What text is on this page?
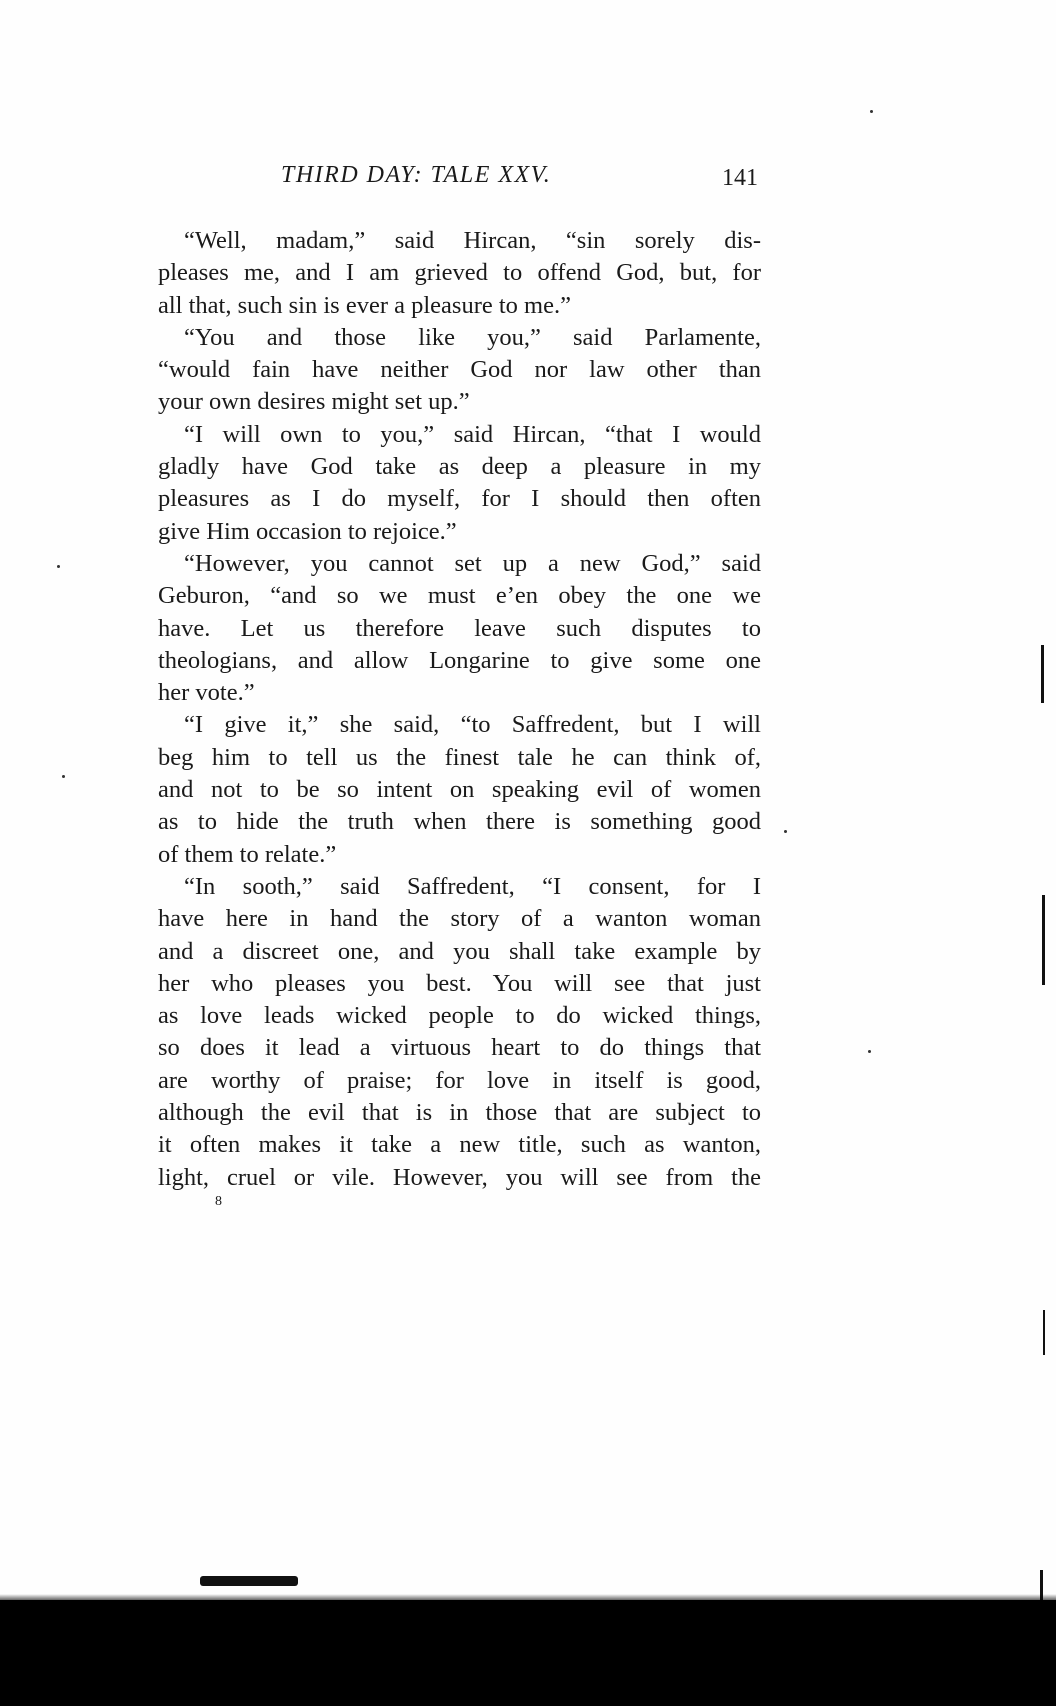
THIRD DAY: TALE XXV.	141
“Well, madam,” said Hircan, “sin sorely dis-
pleases me, and I am grieved to offend God, but, for
all that, such sin is ever a pleasure to me.”
“You and those like you,” said Parlamente,
“would fain have neither God nor law other than
your own desires might set up.”
“I will own to you,” said Hircan, “that I would
gladly have God take as deep a pleasure in my
pleasures as I do myself, for I should then often
give Him occasion to rejoice.”
“However, you cannot set up a new God,” said
Geburon, “and so we must e’en obey the one we
have. Let us therefore leave such disputes to
theologians, and allow Longarine to give some one
her vote.”
“I give it,” she said, “to Saffredent, but I will
beg him to tell us the finest tale he can think of,
and not to be so intent on speaking evil of women
as to hide the truth when there is something good
of them to relate.”
“In sooth,” said Saffredent, “I consent, for I
have here in hand the story of a wanton woman
and a discreet one, and you shall take example by
her who pleases you best. You will see that just
as love leads wicked people to do wicked things,
so does it lead a virtuous heart to do things that
are worthy of praise; for love in itself is good,
although the evil that is in those that are subject to
it often makes it take a new title, such as wanton,
light, cruel or vile. However, you will see from the
8
